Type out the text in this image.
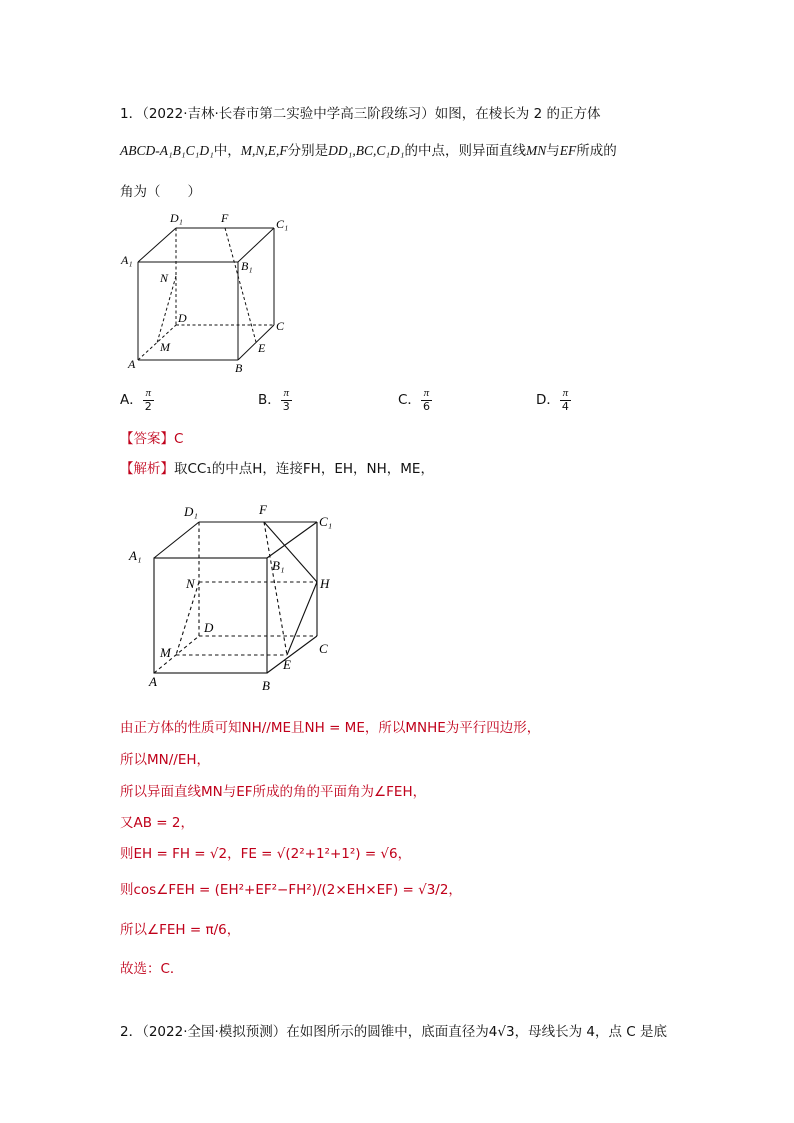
1．（2022·吉林·长春市第二实验中学高三阶段练习）如图，在棱长为 2 的正方体
ABCD-A₁B₁C₁D₁中，M,N,E,F分别是DD₁,BC,C₁D₁的中点，则异面直线MN与EF所成的
角为（　　）
D₁	F	C₁
A₁	B₁
N
D
C
M	E
A	B
A． $\frac{\pi}{2}$	B． $\frac{\pi}{3}$	C． $\frac{\pi}{6}$	D． $\frac{\pi}{4}$
【答案】C
【解析】取CC₁的中点H，连接FH，EH，NH，ME，
D₁	F
C₁
A₁
B₁
N	H
D
C
M
E
A	B
由正方体的性质可知NH//ME且NH = ME，所以MNHE为平行四边形，
所以MN//EH，
所以异面直线MN与EF所成的角的平面角为∠FEH，
又AB = 2，
则EH = FH = √2，FE = √(2²+1²+1²) = √6，
则cos∠FEH = (EH²+EF²−FH²)/(2×EH×EF) = √3/2，
所以∠FEH = π/6，
故选：C．
2．（2022·全国·模拟预测）在如图所示的圆锥中，底面直径为4√3，母线长为 4，点 C 是底
